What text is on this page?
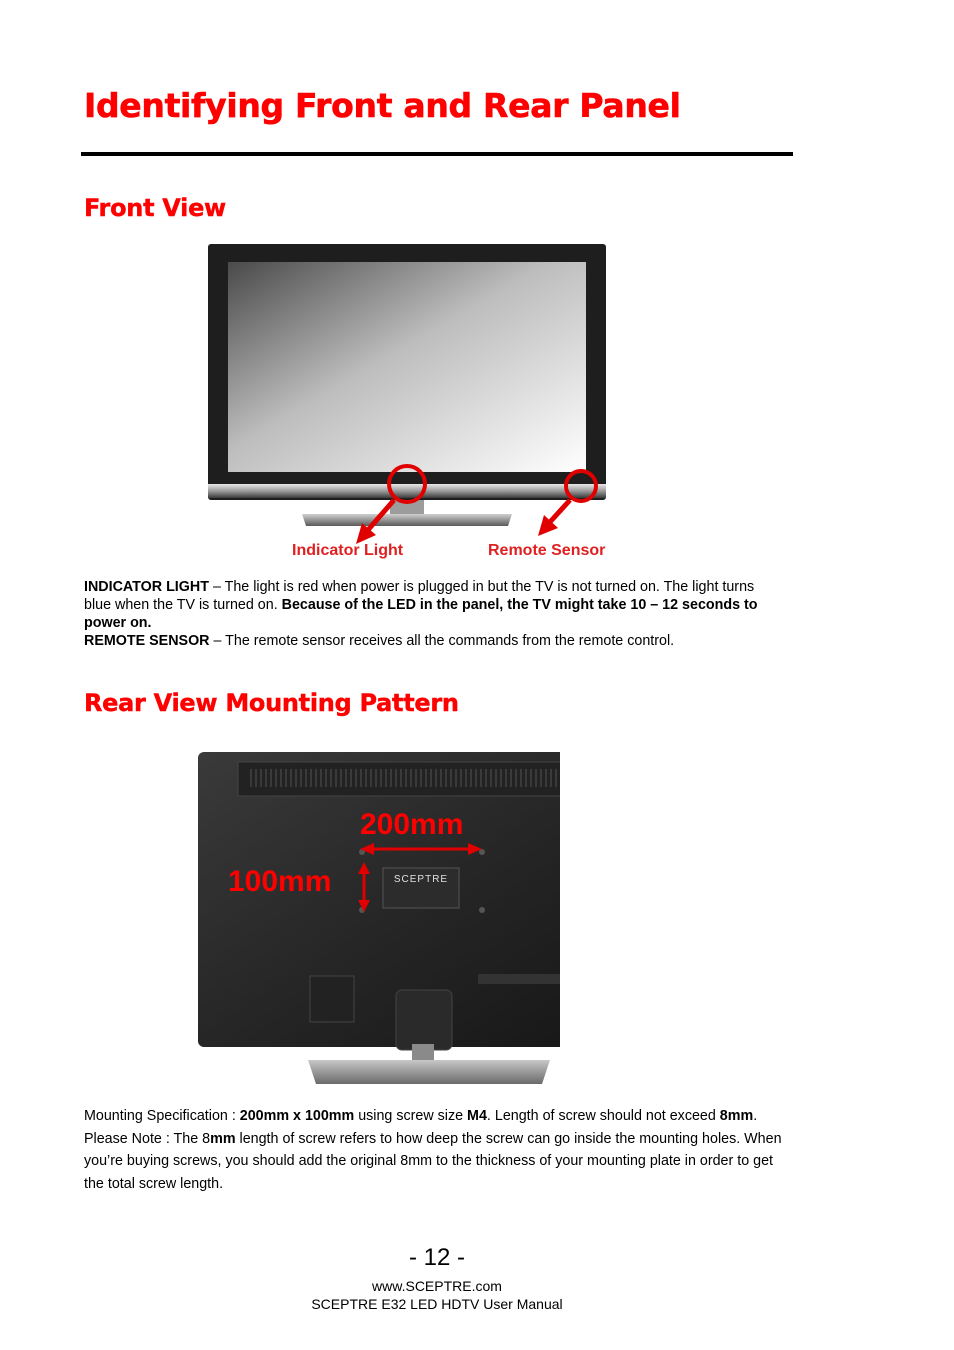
Identifying Front and Rear Panel
Front View
Indicator Light	Remote Sensor
INDICATOR LIGHT – The light is red when power is plugged in but the TV is not turned on. The light turns blue when the TV is turned on. Because of the LED in the panel, the TV might take 10 – 12 seconds to power on.
REMOTE SENSOR – The remote sensor receives all the commands from the remote control.
Rear View Mounting Pattern
SCEPTRE
200mm
100mm
Mounting Specification : 200mm x 100mm using screw size M4. Length of screw should not exceed 8mm. Please Note : The 8mm length of screw refers to how deep the screw can go inside the mounting holes. When you’re buying screws, you should add the original 8mm to the thickness of your mounting plate in order to get the total screw length.
- 12 -
www.SCEPTRE.com
SCEPTRE E32 LED HDTV User Manual
